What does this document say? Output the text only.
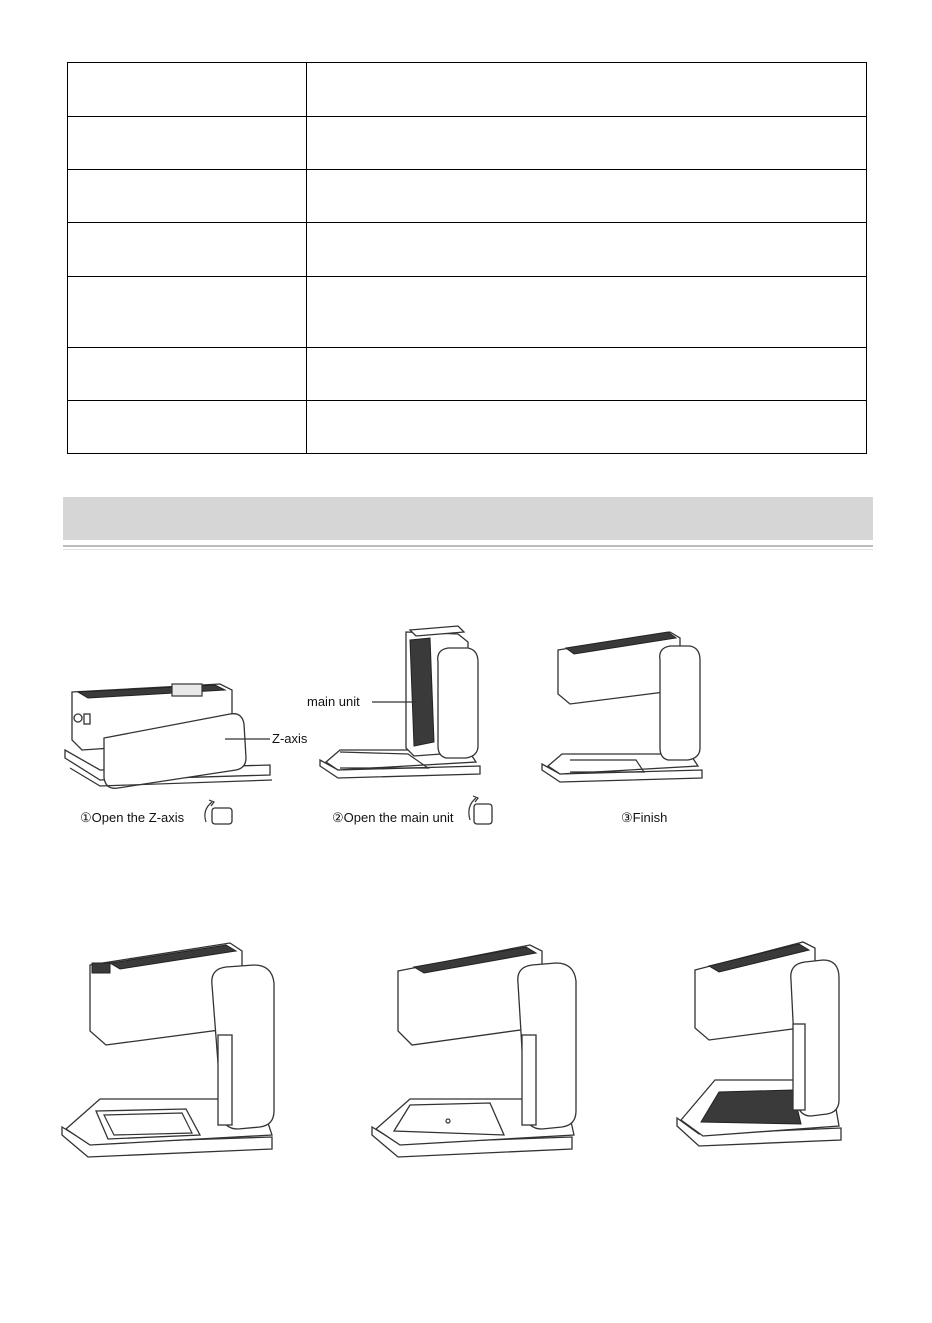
Z-axis
main unit
①Open the Z-axis	②Open the main unit	③Finish
